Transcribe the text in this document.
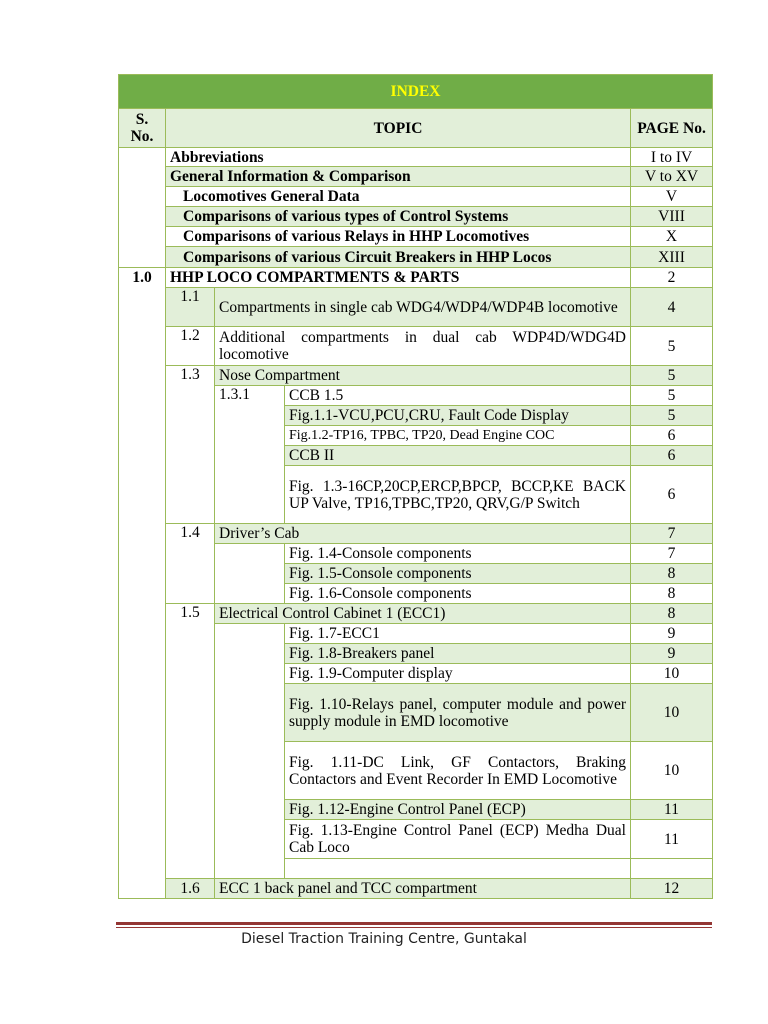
INDEX					
S. No.	TOPIC			PAGE No.	
	Abbreviations			I to IV	
	General Information & Comparison			V to XV	
	Locomotives General Data			V	
	Comparisons of various types of Control Systems			VIII	
	Comparisons of various Relays in HHP Locomotives			X	
	Comparisons of various Circuit Breakers in HHP Locos			XIII	
1.0	HHP LOCO COMPARTMENTS & PARTS			2	
	1.1	Compartments in single cab WDG4/WDP4/WDP4B locomotive		4	
	1.2	Additional compartments in dual cab WDP4D/WDG4D locomotive		5	
	1.3	Nose Compartment		5	
		1.3.1	CCB 1.5	5	
			Fig.1.1-VCU,PCU,CRU, Fault Code Display	5	
			Fig.1.2-TP16, TPBC, TP20, Dead Engine COC	6	
			CCB II	6	
			Fig. 1.3-16CP,20CP,ERCP,BPCP, BCCP,KE BACK UP Valve, TP16,TPBC,TP20, QRV,G/P Switch	6	
	1.4	Driver’s Cab		7	
			Fig. 1.4-Console components	7	
			Fig. 1.5-Console components	8	
			Fig. 1.6-Console components	8	
	1.5	Electrical Control Cabinet 1 (ECC1)		8	
			Fig. 1.7-ECC1	9	
			Fig. 1.8-Breakers panel	9	
			Fig. 1.9-Computer display	10	
			Fig. 1.10-Relays panel, computer module and power supply module in EMD locomotive	10	
			Fig. 1.11-DC Link, GF Contactors, Braking Contactors and Event Recorder In EMD Locomotive	10	
			Fig. 1.12-Engine Control Panel (ECP)	11	
			Fig. 1.13-Engine Control Panel (ECP) Medha Dual Cab Loco	11	

	1.6	ECC 1 back panel and TCC compartment		12	
Diesel Traction Training Centre, Guntakal
